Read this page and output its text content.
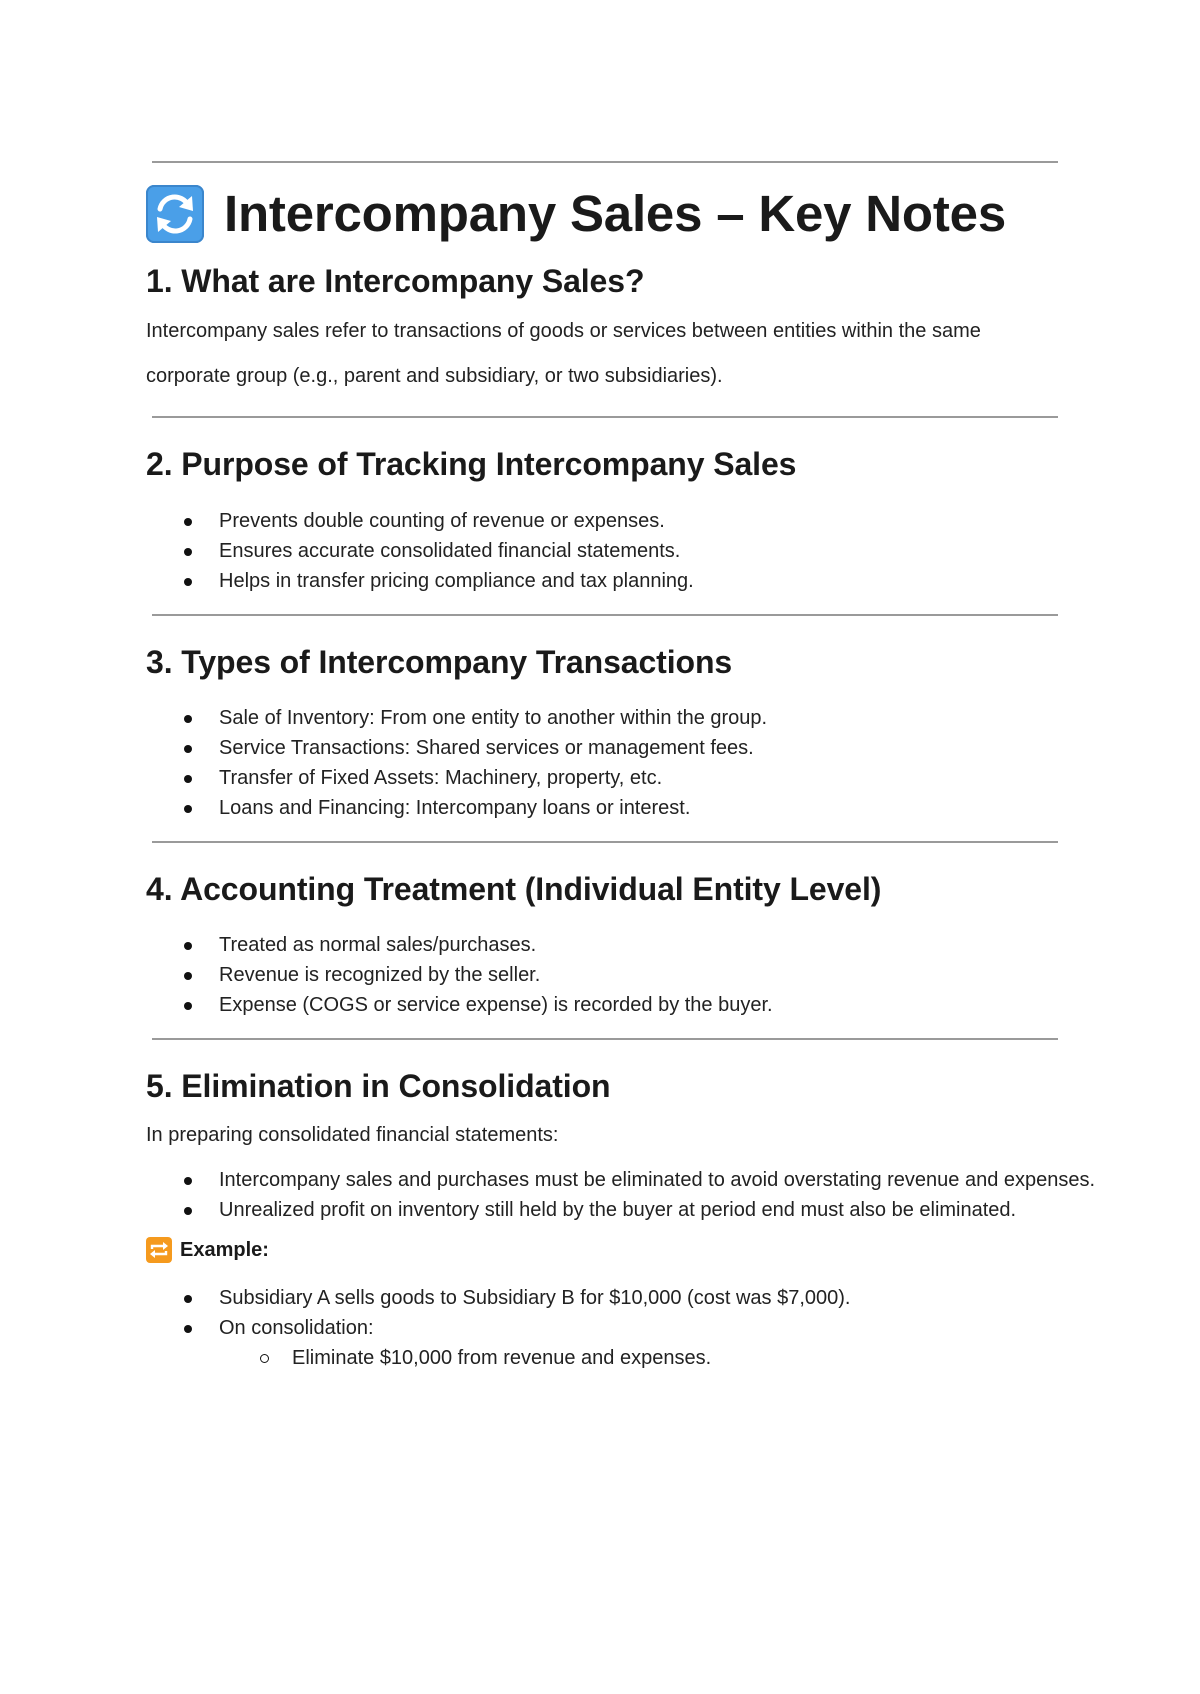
Intercompany Sales – Key Notes
1. What are Intercompany Sales?

Intercompany sales refer to transactions of goods or services between entities within the same corporate group (e.g., parent and subsidiary, or two subsidiaries).

2. Purpose of Tracking Intercompany Sales
Prevents double counting of revenue or expenses.
Ensures accurate consolidated financial statements.
Helps in transfer pricing compliance and tax planning.
3. Types of Intercompany Transactions
Sale of Inventory: From one entity to another within the group.
Service Transactions: Shared services or management fees.
Transfer of Fixed Assets: Machinery, property, etc.
Loans and Financing: Intercompany loans or interest.
4. Accounting Treatment (Individual Entity Level)
Treated as normal sales/purchases.
Revenue is recognized by the seller.
Expense (COGS or service expense) is recorded by the buyer.
5. Elimination in Consolidation

In preparing consolidated financial statements:

Intercompany sales and purchases must be eliminated to avoid overstating revenue and expenses.
Unrealized profit on inventory still held by the buyer at period end must also be eliminated.
Example:
Subsidiary A sells goods to Subsidiary B for $10,000 (cost was $7,000).
On consolidation:
Eliminate $10,000 from revenue and expenses.
